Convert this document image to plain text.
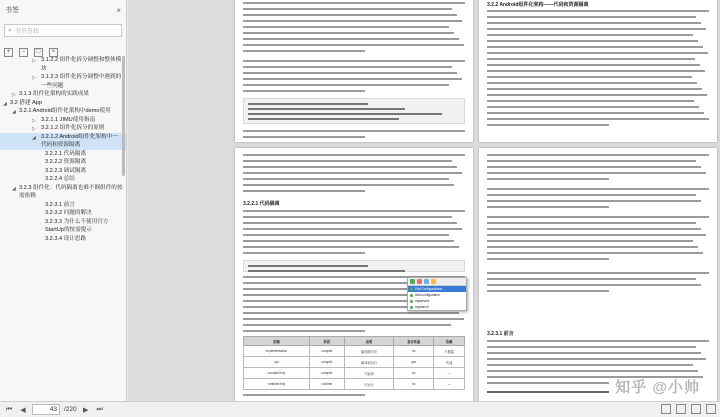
书签	×
⌕ 书签查找
+	−	□	×
▷ 3.1.2.2 组件化拆分调整和整体模块
▷ 3.1.2.3 组件化拆分调整中遇到的一些问题
▷ 3.1.3 组件化架构的实践成果
◢ 3.2 搭建 App
◢ 3.2.1 Android组件化架构中demo使用
▷ 3.2.1.1 JIMU使用指南
▷ 3.2.1.2 组件化拆分的原则
◢ 3.2.1.2 Android组件化架构中一代码和资源隔离
3.2.2.1 代码隔离
3.2.2.2 资源隔离
3.2.2.3 调试隔离
3.2.2.4 总结
◢ 3.2.3 组件化：代码隔离也难不倒组件的按需依赖
3.2.3.1 前言
3.2.3.2 问题的解决
3.2.3.3 为什么不使用官方StartUp的按需提示
3.2.3.4 设计思路
3.2.2 Android组件化架构——代码和资源隔离
3.2.2.1 代码隔离
依赖	阶段	说明	是否传递	依赖
implementation	compile	编译期可见	no	不暴露
api	compile	编译和运行	yes	传递
compileOnly	compile	只编译	no	—
runtimeOnly	runtime	只运行	no	—
3.2.3.1 前言
Edit Configurations...
Add configuration
myservice
mylaunch
⏮	◀	43	/220 ▶	⏭
知乎 @小帅
